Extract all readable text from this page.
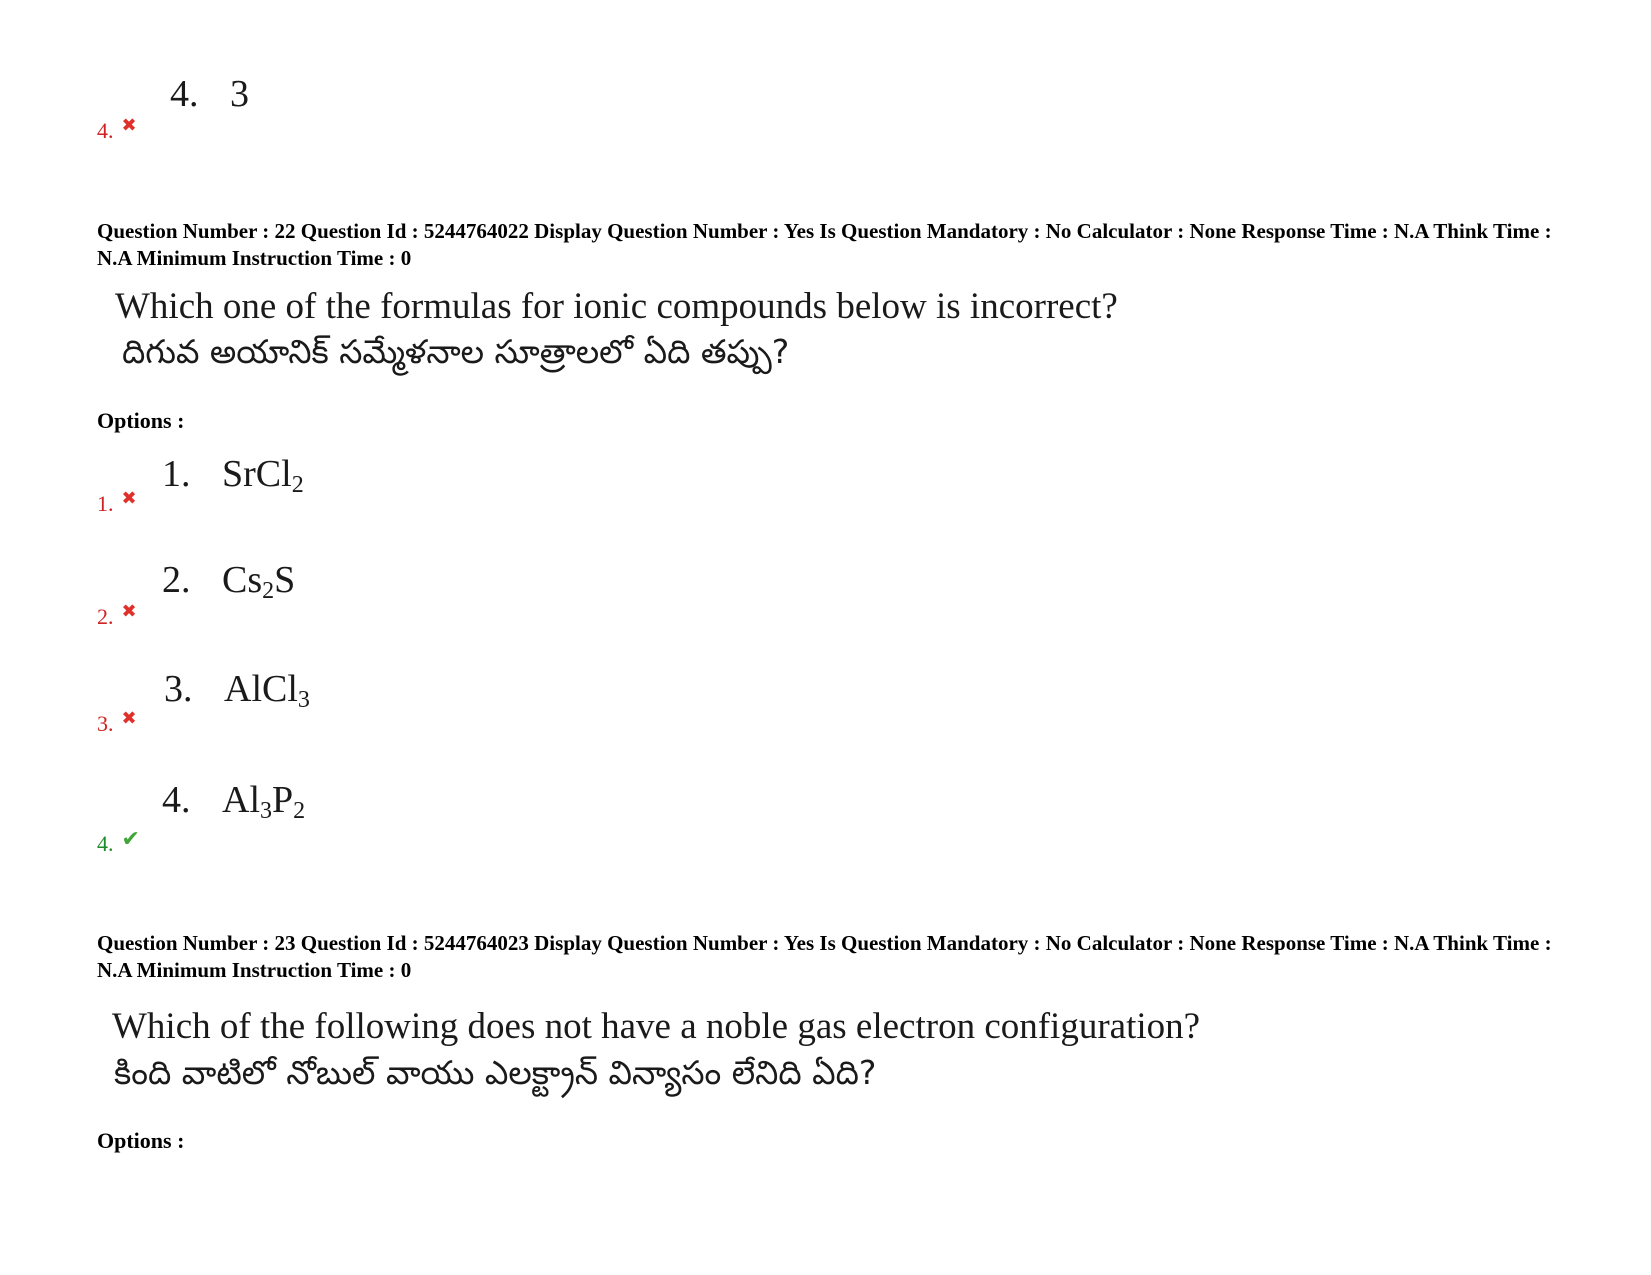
4. 3
4. ✖
Question Number : 22 Question Id : 5244764022 Display Question Number : Yes Is Question Mandatory : No Calculator : None Response Time : N.A Think Time : N.A Minimum Instruction Time : 0
Which one of the formulas for ionic compounds below is incorrect?
దిగువ అయానిక్ సమ్మేళనాల సూత్రాలలో ఏది తప్పు?
Options :
1. SrCl$_2$
1. ✖
2. $Cs_2S$
2. ✖
3. AlCl$_3$
3. ✖
4. $Al_3P_2$
4. ✔
Question Number : 23 Question Id : 5244764023 Display Question Number : Yes Is Question Mandatory : No Calculator : None Response Time : N.A Think Time : N.A Minimum Instruction Time : 0
Which of the following does not have a noble gas electron configuration?
కింది వాటిలో నోబుల్ వాయు ఎలక్ట్రాన్ విన్యాసం లేనిది ఏది?
Options :
